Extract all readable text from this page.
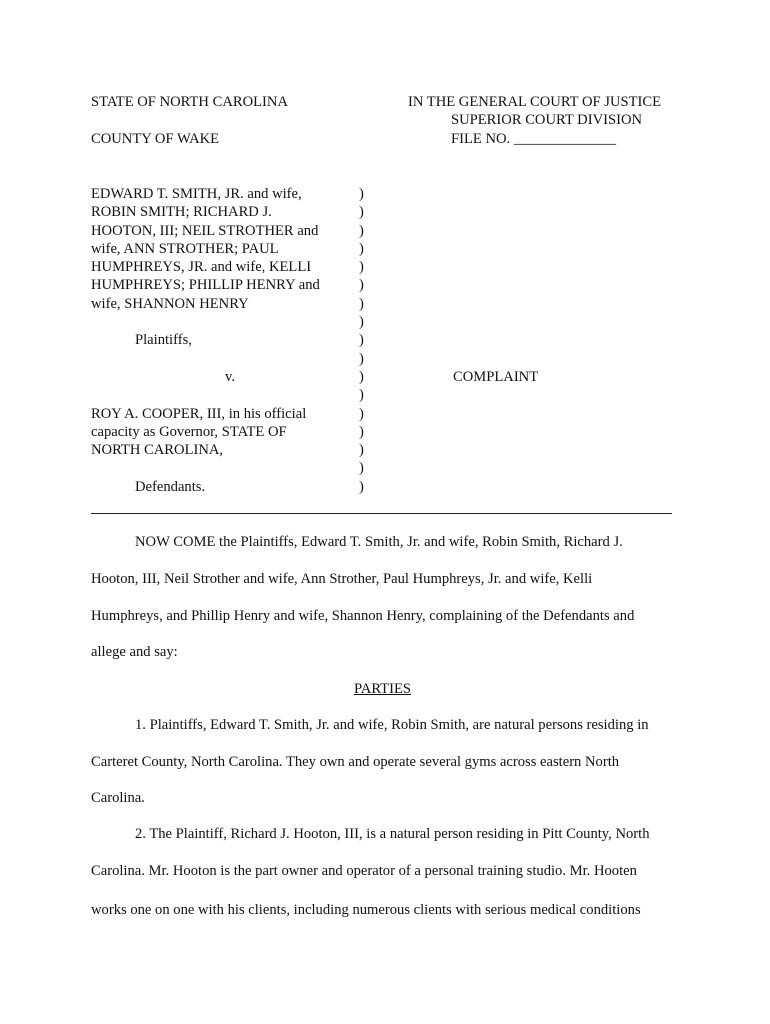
STATE OF NORTH CAROLINA
COUNTY OF WAKE
IN THE GENERAL COURT OF JUSTICE
SUPERIOR COURT DIVISION
FILE NO. ______________
EDWARD T. SMITH, JR. and wife,
ROBIN SMITH; RICHARD J.
HOOTON, III; NEIL STROTHER and
wife, ANN STROTHER; PAUL
HUMPHREYS, JR. and wife, KELLI
HUMPHREYS; PHILLIP HENRY and
wife, SHANNON HENRY
Plaintiffs,
v.
ROY A. COOPER, III, in his official
capacity as Governor, STATE OF
NORTH CAROLINA,
Defendants.
)
)
)
)
)
)
)
)
)
)
)
)
)
)
)
)
)
COMPLAINT
NOW COME the Plaintiffs, Edward T. Smith, Jr. and wife, Robin Smith, Richard J.
Hooton, III, Neil Strother and wife, Ann Strother, Paul Humphreys, Jr. and wife, Kelli
Humphreys, and Phillip Henry and wife, Shannon Henry, complaining of the Defendants and
allege and say:
PARTIES
1. Plaintiffs, Edward T. Smith, Jr. and wife, Robin Smith, are natural persons residing in
Carteret County, North Carolina. They own and operate several gyms across eastern North
Carolina.
2. The Plaintiff, Richard J. Hooton, III, is a natural person residing in Pitt County, North
Carolina. Mr. Hooton is the part owner and operator of a personal training studio. Mr. Hooten
works one on one with his clients, including numerous clients with serious medical conditions
